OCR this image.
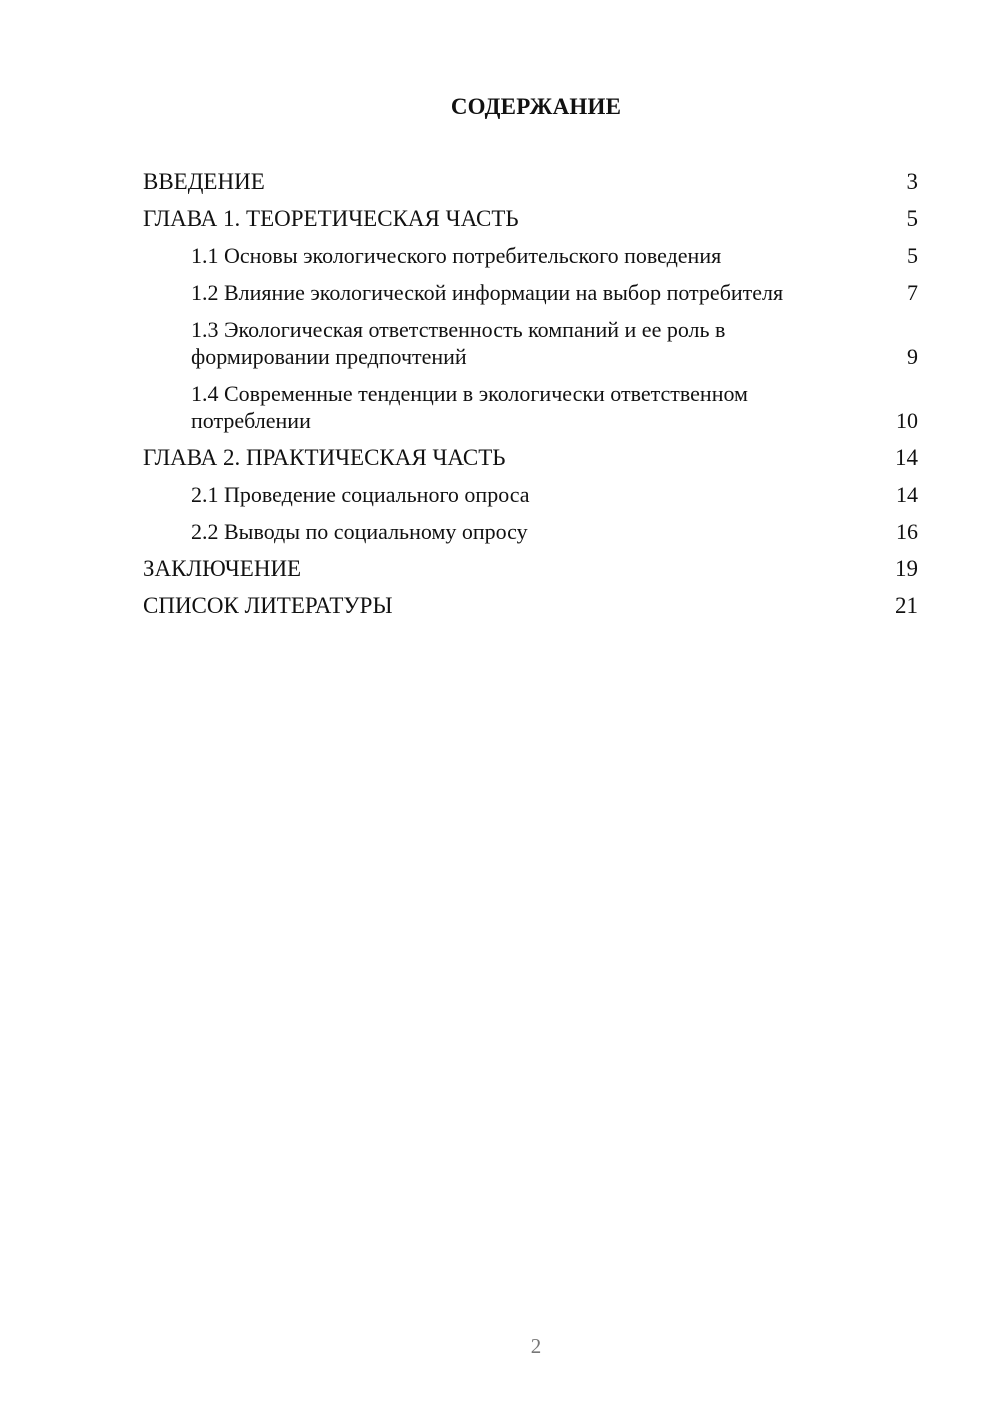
СОДЕРЖАНИЕ
ВВЕДЕНИЕ	3
ГЛАВА 1. ТЕОРЕТИЧЕСКАЯ ЧАСТЬ	5
1.1 Основы экологического потребительского поведения	5
1.2 Влияние экологической информации на выбор потребителя	7
1.3 Экологическая ответственность компаний и ее роль в формировании предпочтений	9
1.4 Современные тенденции в экологически ответственном потреблении	10
ГЛАВА 2. ПРАКТИЧЕСКАЯ ЧАСТЬ	14
2.1 Проведение социального опроса	14
2.2 Выводы по социальному опросу	16
ЗАКЛЮЧЕНИЕ	19
СПИСОК ЛИТЕРАТУРЫ	21
2
